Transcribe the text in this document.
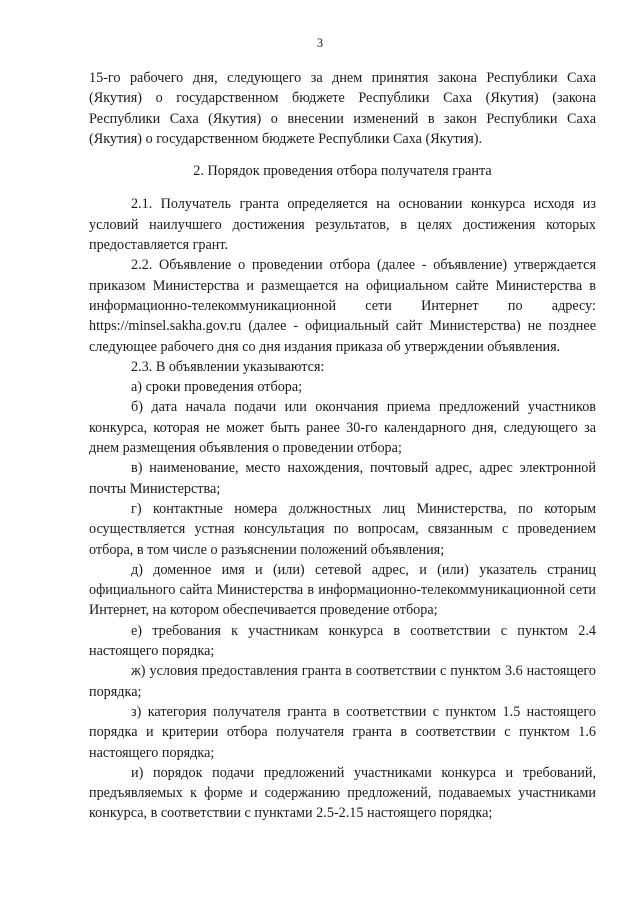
3

15-го рабочего дня, следующего за днем принятия закона Республики Саха (Якутия) о государственном бюджете Республики Саха (Якутия) (закона Республики Саха (Якутия) о внесении изменений в закон Республики Саха (Якутия) о государственном бюджете Республики Саха (Якутия).

2. Порядок проведения отбора получателя гранта

2.1. Получатель гранта определяется на основании конкурса исходя из условий наилучшего достижения результатов, в целях достижения которых предоставляется грант.

2.2. Объявление о проведении отбора (далее - объявление) утверждается приказом Министерства и размещается на официальном сайте Министерства в информационно-телекоммуникационной сети Интернет по адресу: https://minsel.sakha.gov.ru (далее - официальный сайт Министерства) не позднее следующее рабочего дня со дня издания приказа об утверждении объявления.

2.3. В объявлении указываются:

а) сроки проведения отбора;

б) дата начала подачи или окончания приема предложений участников конкурса, которая не может быть ранее 30-го календарного дня, следующего за днем размещения объявления о проведении отбора;

в) наименование, место нахождения, почтовый адрес, адрес электронной почты Министерства;

г) контактные номера должностных лиц Министерства, по которым осуществляется устная консультация по вопросам, связанным с проведением отбора, в том числе о разъяснении положений объявления;

д) доменное имя и (или) сетевой адрес, и (или) указатель страниц официального сайта Министерства в информационно-телекоммуникационной сети Интернет, на котором обеспечивается проведение отбора;

е) требования к участникам конкурса в соответствии с пунктом 2.4 настоящего порядка;

ж) условия предоставления гранта в соответствии с пунктом 3.6 настоящего порядка;

з) категория получателя гранта в соответствии с пунктом 1.5 настоящего порядка и критерии отбора получателя гранта в соответствии с пунктом 1.6 настоящего порядка;

и) порядок подачи предложений участниками конкурса и требований, предъявляемых к форме и содержанию предложений, подаваемых участниками конкурса, в соответствии с пунктами 2.5-2.15 настоящего порядка;
